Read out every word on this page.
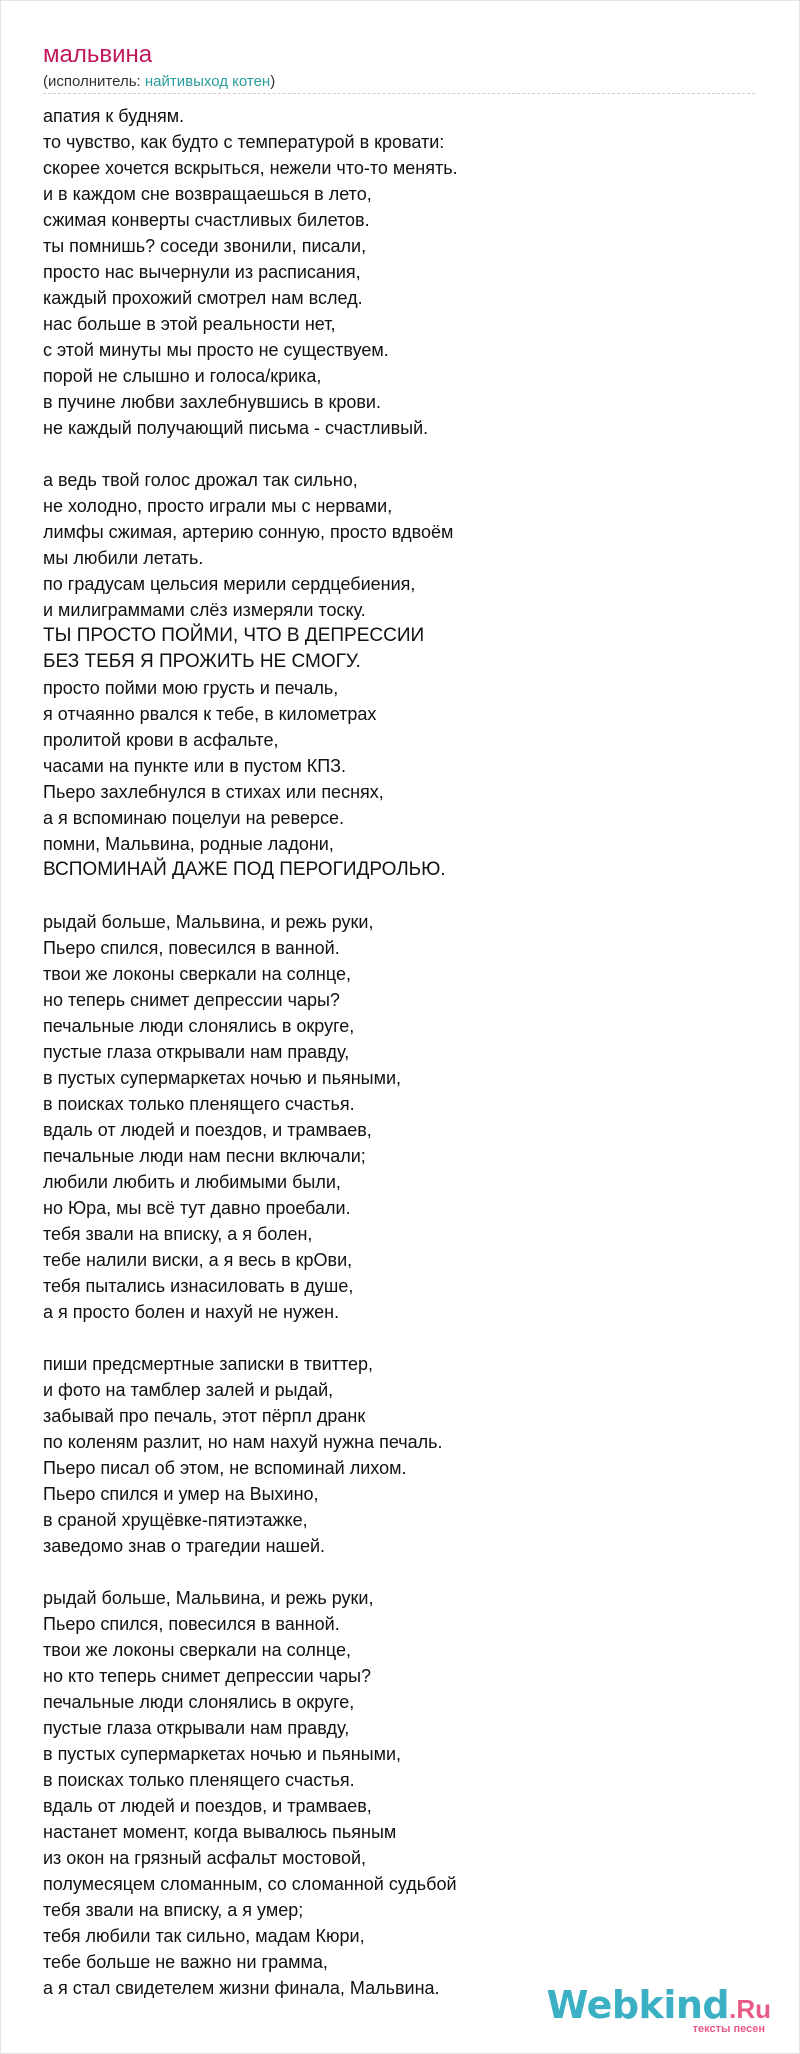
мальвина
(исполнитель: найтивыход котен)
апатия к будням.
то чувство, как будто с температурой в кровати:
скорее хочется вскрыться, нежели что-то менять.
и в каждом сне возвращаешься в лето,
сжимая конверты счастливых билетов.
ты помнишь? соседи звонили, писали,
просто нас вычернули из расписания,
каждый прохожий смотрел нам вслед.
нас больше в этой реальности нет,
с этой минуты мы просто не существуем.
порой не слышно и голоса/крика,
в пучине любви захлебнувшись в крови.
не каждый получающий письма - счастливый.
а ведь твой голос дрожал так сильно,
не холодно, просто играли мы с нервами,
лимфы сжимая, артерию сонную, просто вдвоём
мы любили летать.
по градусам цельсия мерили сердцебиения,
и милиграммами слёз измеряли тоску.
ТЫ ПРОСТО ПОЙМИ, ЧТО В ДЕПРЕССИИ
БЕЗ ТЕБЯ Я ПРОЖИТЬ НЕ СМОГУ.
просто пойми мою грусть и печаль,
я отчаянно рвался к тебе, в километрах
пролитой крови в асфальте,
часами на пункте или в пустом КПЗ.
Пьеро захлебнулся в стихах или песнях,
а я вспоминаю поцелуи на реверсе.
помни, Мальвина, родные ладони,
ВСПОМИНАЙ ДАЖЕ ПОД ПЕРОГИДРОЛЬЮ.
рыдай больше, Мальвина, и режь руки,
Пьеро спился, повесился в ванной.
твои же локоны сверкали на солнце,
но теперь снимет депрессии чары?
печальные люди слонялись в округе,
пустые глаза открывали нам правду,
в пустых супермаркетах ночью и пьяными,
в поисках только пленящего счастья.
вдаль от людей и поездов, и трамваев,
печальные люди нам песни включали;
любили любить и любимыми были,
но Юра, мы всё тут давно проебали.
тебя звали на вписку, а я болен,
тебе налили виски, а я весь в крОви,
тебя пытались изнасиловать в душе,
а я просто болен и нахуй не нужен.
пиши предсмертные записки в твиттер,
и фото на тамблер залей и рыдай,
забывай про печаль, этот пёрпл дранк
по коленям разлит, но нам нахуй нужна печаль.
Пьеро писал об этом, не вспоминай лихом.
Пьеро спился и умер на Выхино,
в сраной хрущёвке-пятиэтажке,
заведомо знав о трагедии нашей.
рыдай больше, Мальвина, и режь руки,
Пьеро спился, повесился в ванной.
твои же локоны сверкали на солнце,
но кто теперь снимет депрессии чары?
печальные люди слонялись в округе,
пустые глаза открывали нам правду,
в пустых супермаркетах ночью и пьяными,
в поисках только пленящего счастья.
вдаль от людей и поездов, и трамваев,
настанет момент, когда вывалюсь пьяным
из окон на грязный асфальт мостовой,
полумесяцем сломанным, со сломанной судьбой
тебя звали на вписку, а я умер;
тебя любили так сильно, мадам Кюри,
тебе больше не важно ни грамма,
а я стал свидетелем жизни финала, Мальвина.	Webkind.Ru
тексты песен
